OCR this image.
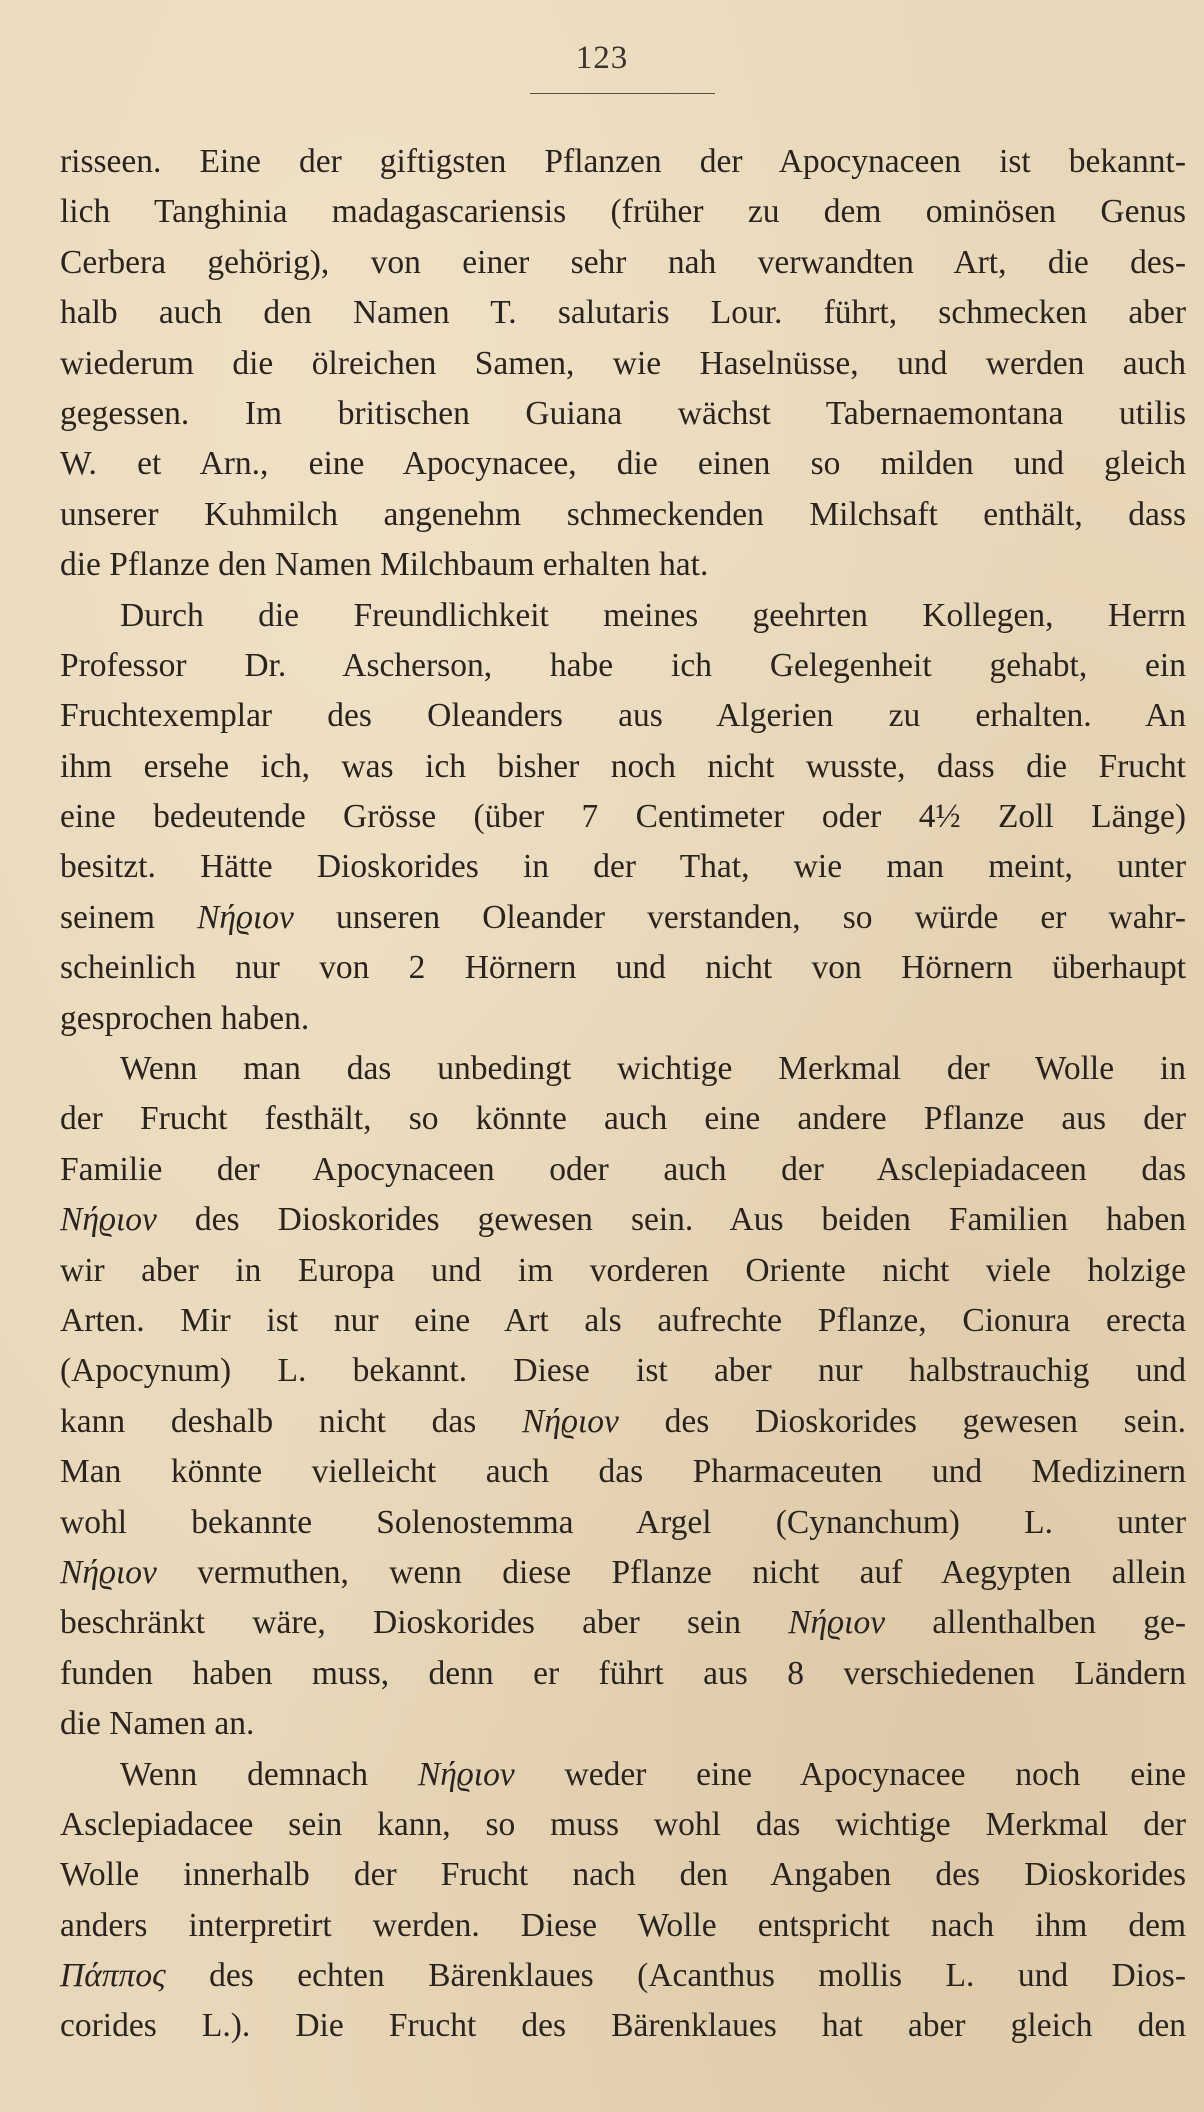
123
risseen. Eine der giftigsten Pflanzen der Apocynaceen ist bekannt-
lich Tanghinia madagascariensis (früher zu dem ominösen Genus
Cerbera gehörig), von einer sehr nah verwandten Art, die des-
halb auch den Namen T. salutaris Lour. führt, schmecken aber
wiederum die ölreichen Samen, wie Haselnüsse, und werden auch
gegessen. Im britischen Guiana wächst Tabernaemontana utilis
W. et Arn., eine Apocynacee, die einen so milden und gleich
unserer Kuhmilch angenehm schmeckenden Milchsaft enthält, dass
die Pflanze den Namen Milchbaum erhalten hat.
Durch die Freundlichkeit meines geehrten Kollegen, Herrn
Professor Dr. Ascherson, habe ich Gelegenheit gehabt, ein
Fruchtexemplar des Oleanders aus Algerien zu erhalten. An
ihm ersehe ich, was ich bisher noch nicht wusste, dass die Frucht
eine bedeutende Grösse (über 7 Centimeter oder 4½ Zoll Länge)
besitzt. Hätte Dioskorides in der That, wie man meint, unter
seinem Νήϱιον unseren Oleander verstanden, so würde er wahr-
scheinlich nur von 2 Hörnern und nicht von Hörnern überhaupt
gesprochen haben.
Wenn man das unbedingt wichtige Merkmal der Wolle in
der Frucht festhält, so könnte auch eine andere Pflanze aus der
Familie der Apocynaceen oder auch der Asclepiadaceen das
Νήϱιον des Dioskorides gewesen sein. Aus beiden Familien haben
wir aber in Europa und im vorderen Oriente nicht viele holzige
Arten. Mir ist nur eine Art als aufrechte Pflanze, Cionura erecta
(Apocynum) L. bekannt. Diese ist aber nur halbstrauchig und
kann deshalb nicht das Νήϱιον des Dioskorides gewesen sein.
Man könnte vielleicht auch das Pharmaceuten und Medizinern
wohl bekannte Solenostemma Argel (Cynanchum) L. unter
Νήϱιον vermuthen, wenn diese Pflanze nicht auf Aegypten allein
beschränkt wäre, Dioskorides aber sein Νήϱιον allenthalben ge-
funden haben muss, denn er führt aus 8 verschiedenen Ländern
die Namen an.
Wenn demnach Νήϱιον weder eine Apocynacee noch eine
Asclepiadacee sein kann, so muss wohl das wichtige Merkmal der
Wolle innerhalb der Frucht nach den Angaben des Dioskorides
anders interpretirt werden. Diese Wolle entspricht nach ihm dem
Πάππος des echten Bärenklaues (Acanthus mollis L. und Dios-
corides L.). Die Frucht des Bärenklaues hat aber gleich den
